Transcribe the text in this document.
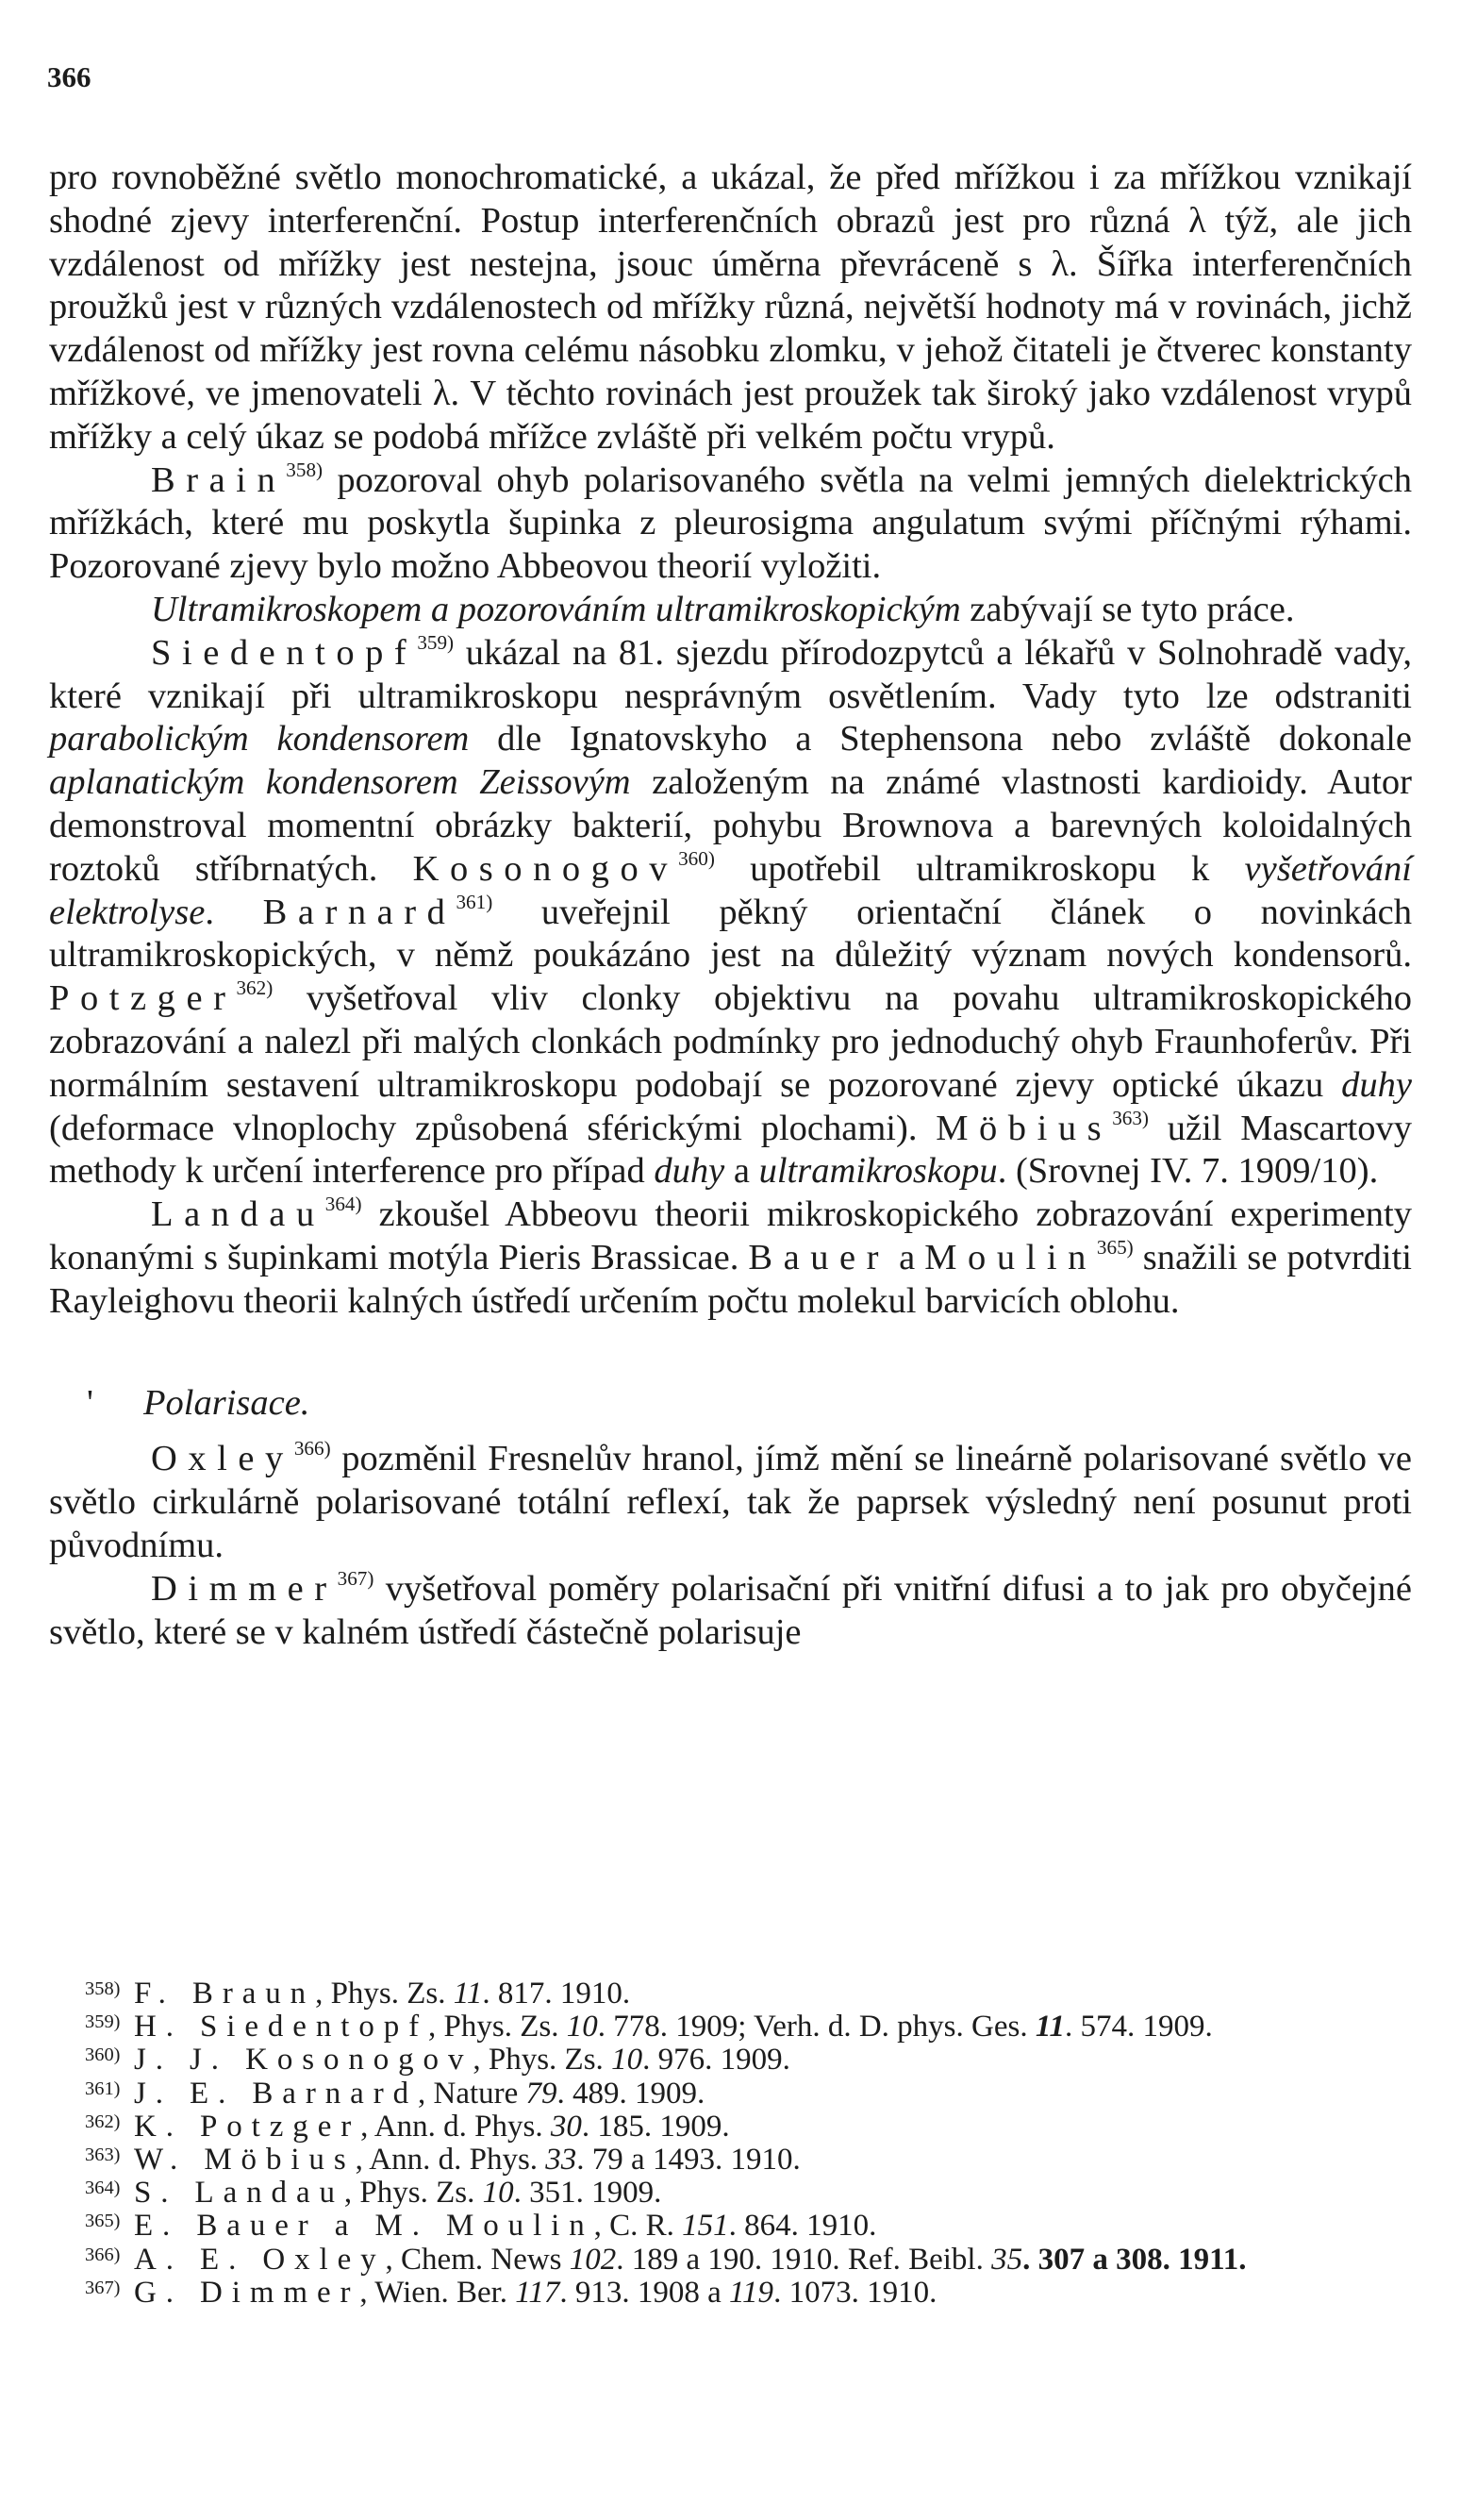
366

pro rovnoběžné světlo monochromatické, a ukázal, že před mřížkou i za mřížkou vznikají shodné zjevy interferenční. Postup interferenčních obrazů jest pro různá λ týž, ale jich vzdálenost od mřížky jest nestejna, jsouc úměrna převráceně s λ. Šířka interferenčních proužků jest v různých vzdálenostech od mřížky různá, největší hodnoty má v rovinách, jichž vzdálenost od mřížky jest rovna celému násobku zlomku, v jehož čitateli je čtverec konstanty mřížkové, ve jmenovateli λ. V těchto rovinách jest proužek tak široký jako vzdálenost vrypů mřížky a celý úkaz se podobá mřížce zvláště při velkém počtu vrypů.

Brain$^{358)}$ pozoroval ohyb polarisovaného světla na velmi jemných dielektrických mřížkách, které mu poskytla šupinka z pleurosigma angulatum svými příčnými rýhami. Pozorované zjevy bylo možno Abbeovou theorií vyložiti.

Ultramikroskopem a pozorováním ultramikroskopickým zabývají se tyto práce.

Siedentopf$^{359)}$ ukázal na 81. sjezdu přírodozpytců a lékařů v Solnohradě vady, které vznikají při ultramikroskopu nesprávným osvětlením. Vady tyto lze odstraniti parabolickým kondensorem dle Ignatovskyho a Stephensona nebo zvláště dokonale aplanatickým kondensorem Zeissovým založeným na známé vlastnosti kardioidy. Autor demonstroval momentní obrázky bakterií, pohybu Brownova a barevných koloidalných roztoků stříbrnatých. Kosonogov$^{360)}$ upotřebil ultramikroskopu k vyšetřování elektrolyse. Barnard$^{361)}$ uveřejnil pěkný orientační článek o novinkách ultramikroskopických, v němž poukázáno jest na důležitý význam nových kondensorů. Potzger$^{362)}$ vyšetřoval vliv clonky objektivu na povahu ultramikroskopického zobrazování a nalezl při malých clonkách podmínky pro jednoduchý ohyb Fraunhoferův. Při normálním sestavení ultramikroskopu podobají se pozorované zjevy optické úkazu duhy (deformace vlnoplochy způsobená sférickými plochami). Möbius$^{363)}$ užil Mascartovy methody k určení interference pro případ duhy a ultramikroskopu. (Srovnej IV. 7. 1909/10).

Landau$^{364)}$ zkoušel Abbeovu theorii mikroskopického zobrazování experimenty konanými s šupinkami motýla Pieris Brassicae. Bauer a Moulin$^{365)}$ snažili se potvrditi Rayleighovu theorii kalných ústředí určením počtu molekul barvicích oblohu.

' Polarisace.

Oxley$^{366)}$ pozměnil Fresnelův hranol, jímž mění se lineárně polarisované světlo ve světlo cirkulárně polarisované totální reflexí, tak že paprsek výsledný není posunut proti původnímu.

Dimmer$^{367)}$ vyšetřoval poměry polarisační při vnitřní difusi a to jak pro obyčejné světlo, které se v kalném ústředí částečně polarisuje

$^{358)}$ F. Braun, Phys. Zs. 11. 817. 1910.

$^{359)}$ H. Siedentopf, Phys. Zs. 10. 778. 1909; Verh. d. D. phys. Ges. 11. 574. 1909.

$^{360)}$ J. J. Kosonogov, Phys. Zs. 10. 976. 1909.

$^{361)}$ J. E. Barnard, Nature 79. 489. 1909.

$^{362)}$ K. Potzger, Ann. d. Phys. 30. 185. 1909.

$^{363)}$ W. Möbius, Ann. d. Phys. 33. 79 a 1493. 1910.

$^{364)}$ S. Landau, Phys. Zs. 10. 351. 1909.

$^{365)}$ E. Bauer a M. Moulin, C. R. 151. 864. 1910.

$^{366)}$ A. E. Oxley, Chem. News 102. 189 a 190. 1910. Ref. Beibl. 35. 307 a 308. 1911.

$^{367)}$ G. Dimmer, Wien. Ber. 117. 913. 1908 a 119. 1073. 1910.
